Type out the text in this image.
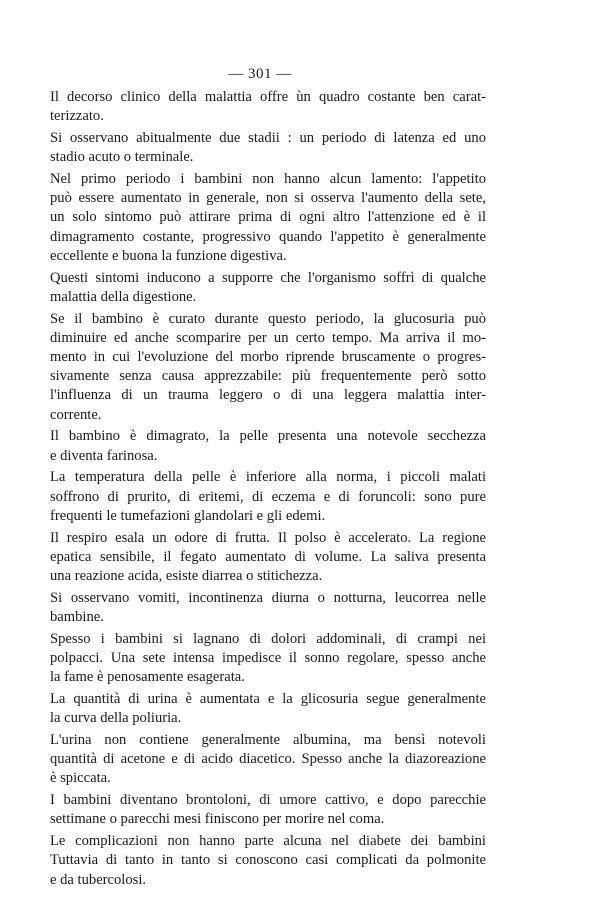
— 301 —
Il decorso clinico della malattia offre ùn quadro costante ben carat-
terizzato.
Si osservano abitualmente due stadii : un periodo di latenza ed uno
stadio acuto o terminale.
Nel primo periodo i bambini non hanno alcun lamento: l'appetito
può essere aumentato in generale, non si osserva l'aumento della sete,
un solo sintomo può attirare prima di ogni altro l'attenzione ed è il
dimagramento costante, progressivo quando l'appetito è generalmente
eccellente e buona la funzione digestiva.
Questi sintomi inducono a supporre che l'organismo soffrì di qualche
malattia della digestione.
Se il bambino è curato durante questo periodo, la glucosuria può
diminuire ed anche scomparire per un certo tempo. Ma arriva il mo-
mento in cui l'evoluzione del morbo riprende bruscamente o progres-
sivamente senza causa apprezzabile: più frequentemente però sotto
l'influenza di un trauma leggero o di una leggera malattia inter-
corrente.
Il bambino è dimagrato, la pelle presenta una notevole secchezza
e diventa farinosa.
La temperatura della pelle è inferiore alla norma, i piccoli malati
soffrono di prurito, di eritemi, di eczema e di foruncoli: sono pure
frequenti le tumefazioni glandolari e gli edemi.
Il respiro esala un odore di frutta. Il polso è accelerato. La regione
epatica sensibile, il fegato aumentato di volume. La saliva presenta
una reazione acida, esiste diarrea o stitichezza.
Si osservano vomiti, incontinenza diurna o notturna, leucorrea nelle
bambine.
Spesso i bambini si lagnano di dolori addominali, di crampi nei
polpacci. Una sete intensa impedisce il sonno regolare, spesso anche
la fame è penosamente esagerata.
La quantità di urina è aumentata e la glicosuria segue generalmente
la curva della poliuria.
L'urina non contiene generalmente albumina, ma bensì notevoli
quantità di acetone e di acido diacetico. Spesso anche la diazoreazione
è spiccata.
I bambini diventano brontoloni, di umore cattivo, e dopo parecchie
settimane o parecchi mesi finiscono per morire nel coma.
Le complicazioni non hanno parte alcuna nel diabete dei bambini
Tuttavia di tanto in tanto si conoscono casi complicati da polmonite
e da tubercolosi.
